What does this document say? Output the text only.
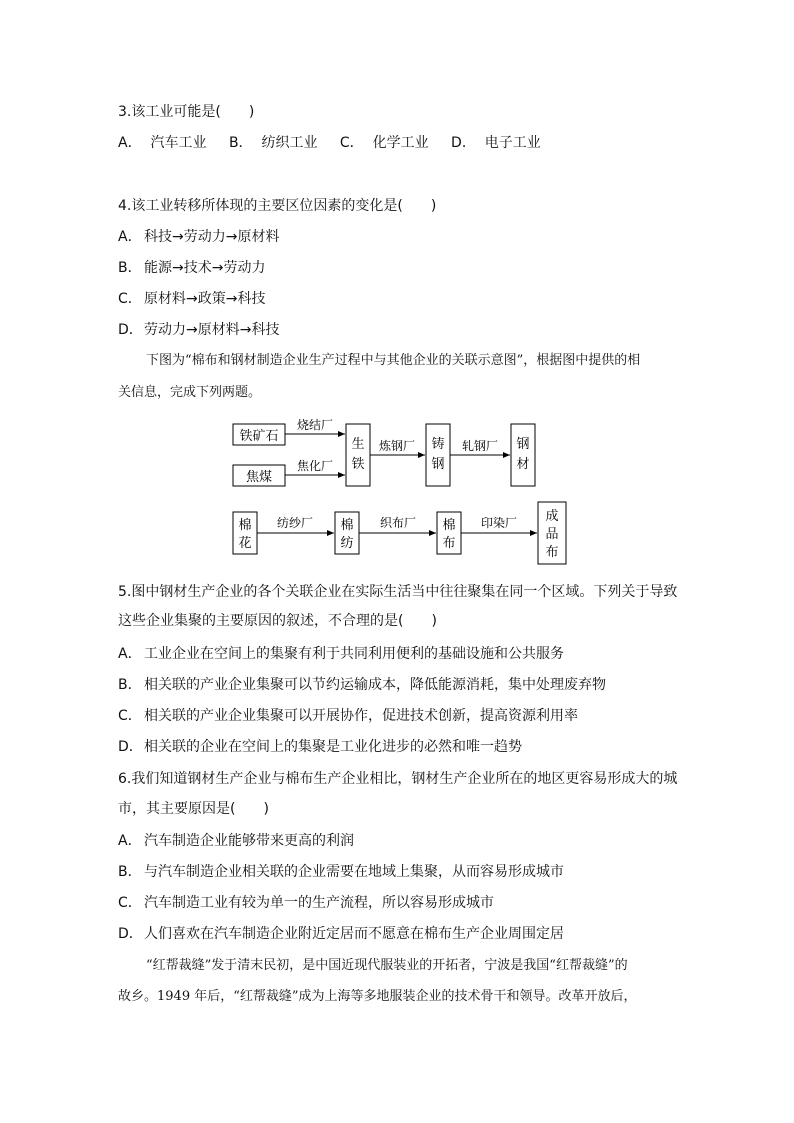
3.该工业可能是(　　)

A． 汽车工业 B． 纺织工业 C． 化学工业 D． 电子工业

4.该工业转移所体现的主要区位因素的变化是(　　)

A． 科技→劳动力→原材料

B． 能源→技术→劳动力

C． 原材料→政策→科技

D．劳动力→原材料→科技

下图为“棉布和钢材制造企业生产过程中与其他企业的关联示意图”，根据图中提供的相

关信息，完成下列两题。

铁矿石
焦煤
生
铁
铸
钢
钢
材
棉
花
棉
纺
棉
布
成
品
布
烧结厂
焦化厂
炼钢厂	轧钢厂
纺纱厂	织布厂	印染厂

5.图中钢材生产企业的各个关联企业在实际生活当中往往聚集在同一个区域。下列关于导致

这些企业集聚的主要原因的叙述，不合理的是(　　)

A． 工业企业在空间上的集聚有利于共同利用便利的基础设施和公共服务

B． 相关联的产业企业集聚可以节约运输成本，降低能源消耗，集中处理废弃物

C． 相关联的产业企业集聚可以开展协作，促进技术创新，提高资源利用率

D．相关联的企业在空间上的集聚是工业化进步的必然和唯一趋势

6.我们知道钢材生产企业与棉布生产企业相比，钢材生产企业所在的地区更容易形成大的城

市，其主要原因是(　　)

A． 汽车制造企业能够带来更高的利润

B． 与汽车制造企业相关联的企业需要在地域上集聚，从而容易形成城市

C． 汽车制造工业有较为单一的生产流程，所以容易形成城市

D．人们喜欢在汽车制造企业附近定居而不愿意在棉布生产企业周围定居

“红帮裁缝”发于清末民初，是中国近现代服装业的开拓者，宁波是我国“红帮裁缝”的

故乡。1949 年后，“红帮裁缝”成为上海等多地服装企业的技术骨干和领导。改革开放后，
